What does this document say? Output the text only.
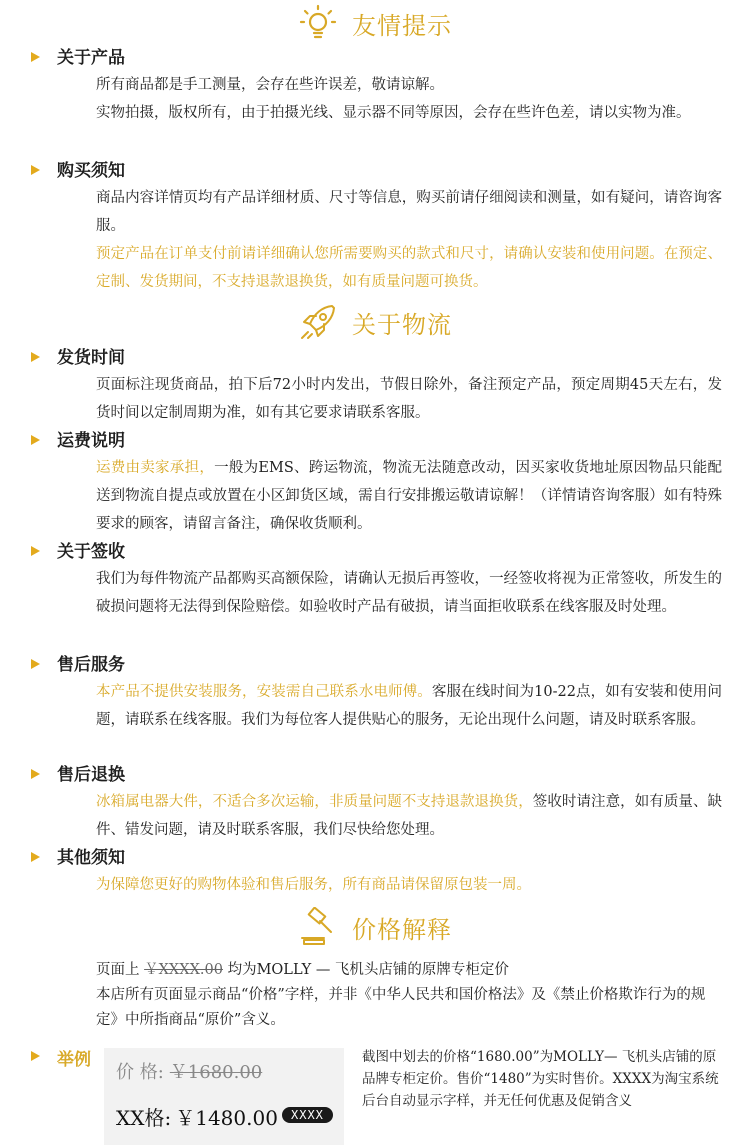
友情提示
关于产品
所有商品都是手工测量，会存在些许误差，敬请谅解。
实物拍摄，版权所有，由于拍摄光线、显示器不同等原因，会存在些许色差，请以实物为准。
购买须知
商品内容详情页均有产品详细材质、尺寸等信息，购买前请仔细阅读和测量，如有疑问，请咨询客服。
预定产品在订单支付前请详细确认您所需要购买的款式和尺寸，请确认安装和使用问题。在预定、定制、发货期间，不支持退款退换货，如有质量问题可换货。
关于物流
发货时间
页面标注现货商品，拍下后72小时内发出，节假日除外，备注预定产品，预定周期45天左右，发货时间以定制周期为准，如有其它要求请联系客服。
运费说明
运费由卖家承担，一般为EMS、跨运物流，物流无法随意改动，因买家收货地址原因物品只能配送到物流自提点或放置在小区卸货区域，需自行安排搬运敬请谅解！（详情请咨询客服）如有特殊要求的顾客，请留言备注，确保收货顺利。
关于签收
我们为每件物流产品都购买高额保险，请确认无损后再签收，一经签收将视为正常签收，所发生的破损问题将无法得到保险赔偿。如验收时产品有破损，请当面拒收联系在线客服及时处理。
售后服务
本产品不提供安装服务，安装需自己联系水电师傅。客服在线时间为10-22点，如有安装和使用问题，请联系在线客服。我们为每位客人提供贴心的服务，无论出现什么问题，请及时联系客服。
售后退换
冰箱属电器大件，不适合多次运输，非质量问题不支持退款退换货，签收时请注意，如有质量、缺件、错发问题，请及时联系客服，我们尽快给您处理。
其他须知
为保障您更好的购物体验和售后服务，所有商品请保留原包装一周。
价格解释
页面上 ￥XXXX.00 均为MOLLY — 飞机头店铺的原牌专柜定价
本店所有页面显示商品“价格”字样，并非《中华人民共和国价格法》及《禁止价格欺诈行为的规定》中所指商品“原价”含义。
举例
价 格: ￥1680.00
XX格: ￥1480.00	XXXX
截图中划去的价格“1680.00”为MOLLY— 飞机头店铺的原品牌专柜定价。售价“1480”为实时售价。XXXX为淘宝系统后台自动显示字样，并无任何优惠及促销含义
